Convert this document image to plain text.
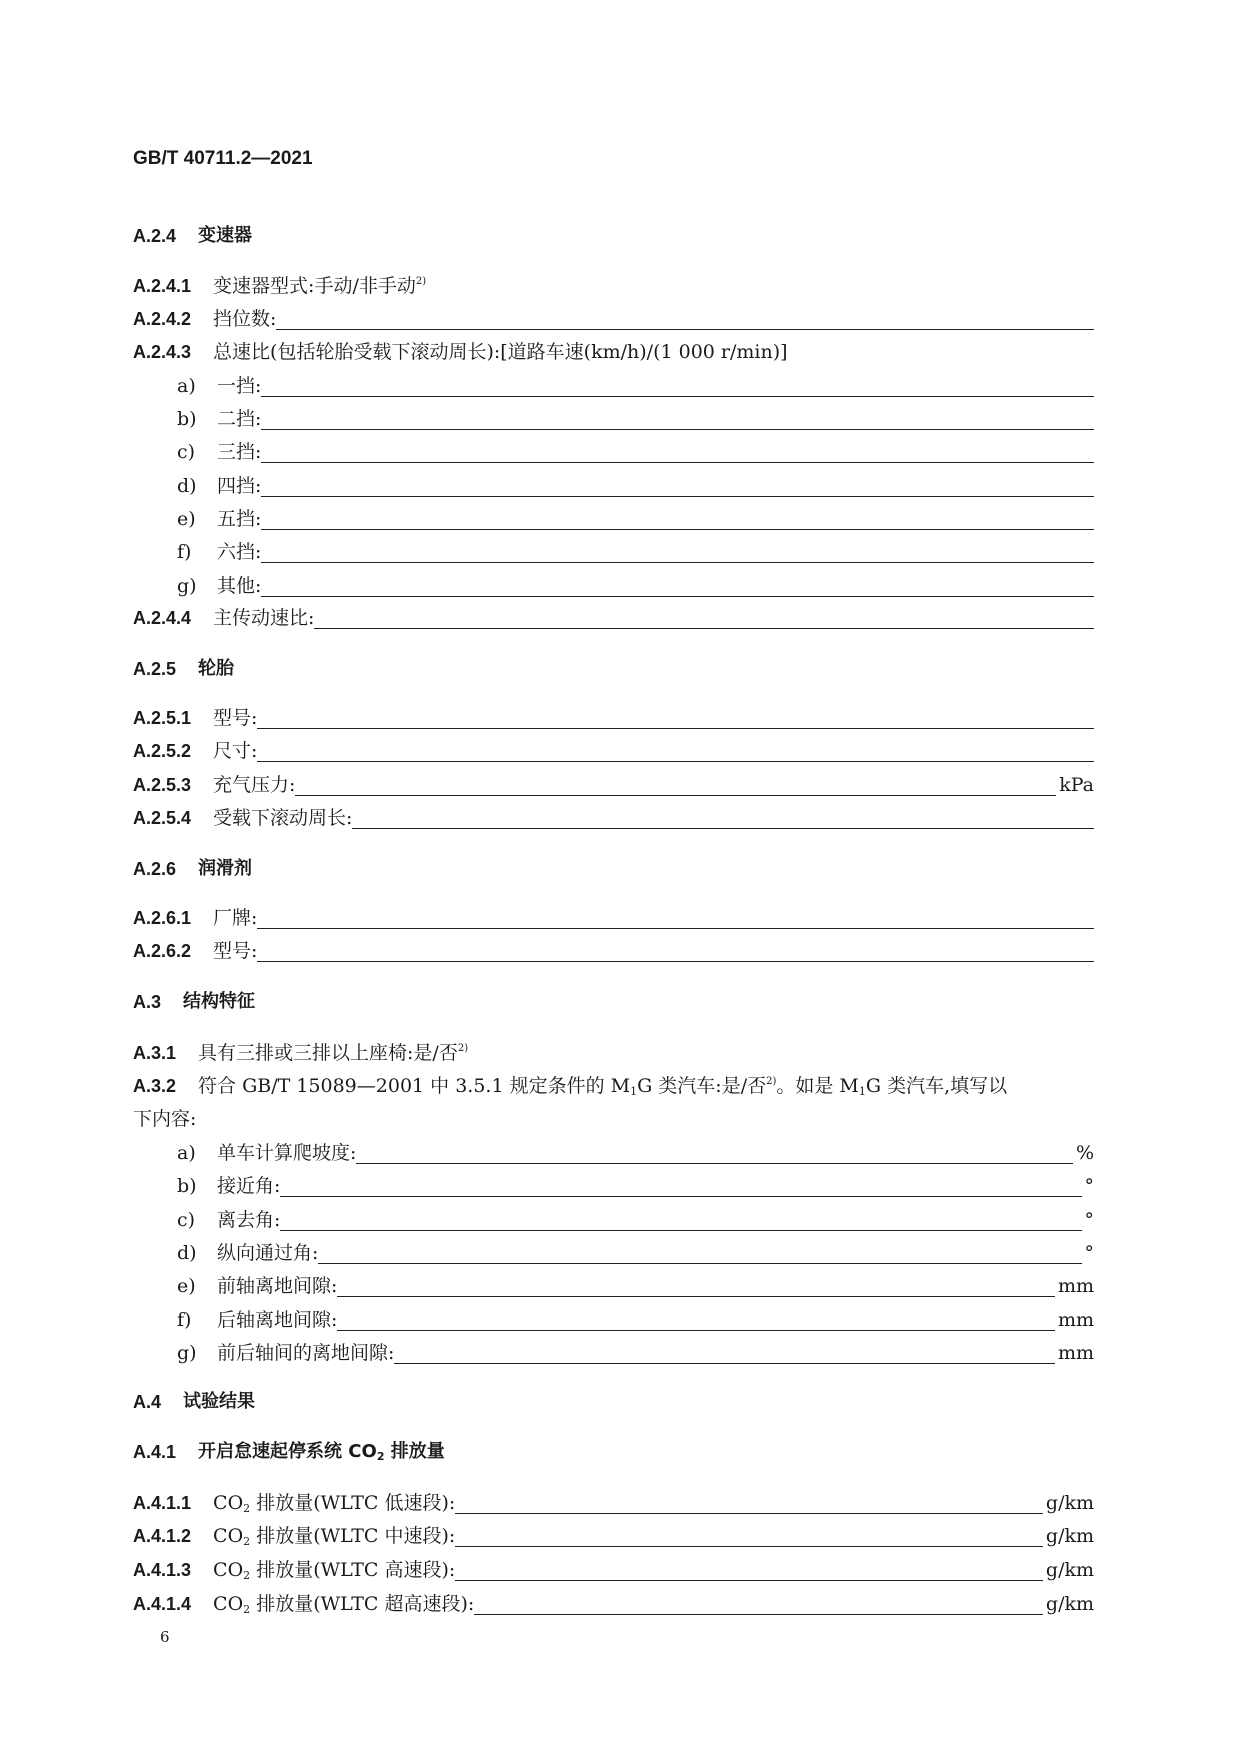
GB/T 40711.2—2021
A.2.4 变速器
A.2.4.1 变速器型式:手动/非手动$^{2)}$
A.2.4.2 挡位数:
A.2.4.3 总速比(包括轮胎受载下滚动周长):[道路车速(km/h)/(1 000 r/min)]
a) 一挡:
b) 二挡:
c) 三挡:
d) 四挡:
e) 五挡:
f)	六挡:
g) 其他:
A.2.4.4 主传动速比:
A.2.5 轮胎
A.2.5.1 型号:
A.2.5.2 尺寸:
A.2.5.3 充气压力:	kPa
A.2.5.4 受载下滚动周长:
A.2.6 润滑剂
A.2.6.1 厂牌:
A.2.6.2 型号:
A.3 结构特征
A.3.1 具有三排或三排以上座椅:是/否$^{2)}$
A.3.2 符合 GB/T 15089—2001 中 3.5.1 规定条件的 $M_1G$ 类汽车:是/否$^{2)}$。如是 $M_1G$ 类汽车,填写以
下内容:
a) 单车计算爬坡度:	%
b) 接近角:	°
c) 离去角:	°
d) 纵向通过角:	°
e) 前轴离地间隙:	mm
f)	后轴离地间隙:	mm
g) 前后轴间的离地间隙:	mm
A.4 试验结果
A.4.1 开启怠速起停系统 $CO_2$ 排放量
A.4.1.1 $CO_2$ 排放量(WLTC 低速段):	g/km
A.4.1.2 $CO_2$ 排放量(WLTC 中速段):	g/km
A.4.1.3 $CO_2$ 排放量(WLTC 高速段):	g/km
A.4.1.4 $CO_2$ 排放量(WLTC 超高速段):	g/km
6
